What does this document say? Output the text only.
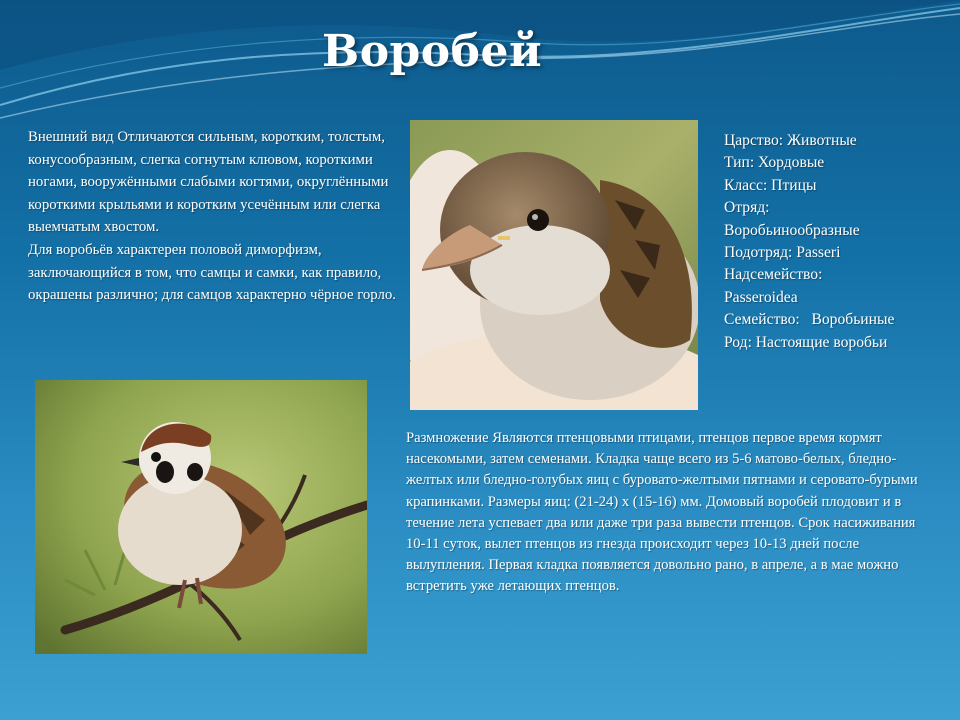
Воробей

Внешний вид Отличаются сильным, коротким, толстым, конусообразным, слегка согнутым клювом, короткими ногами, вооружёнными слабыми когтями, округлёнными короткими крыльями и коротким усечённым или слегка выемчатым хвостом.

Для воробьёв характерен половой диморфизм, заключающийся в том, что самцы и самки, как правило, окрашены различно; для самцов характерно чёрное горло.

Царство: Животные

Тип: Хордовые

Класс: Птицы

Отряд:

Воробьинообразные

Подотряд: Passeri

Надсемейство:

Passeroidea

Семейство:   Воробьиные

Род: Настоящие воробьи

Размножение Являются птенцовыми птицами, птенцов первое время кормят насекомыми, затем семенами. Кладка чаще всего из 5-6 матово-белых, бледно-желтых или бледно-голубых яиц с буровато-желтыми пятнами и серовато-бурыми крапинками. Размеры яиц: (21-24) х (15-16) мм. Домовый воробей плодовит и в течение лета успевает два или даже три раза вывести птенцов. Срок насиживания 10-11 суток, вылет птенцов из гнезда происходит через 10-13 дней после вылупления. Первая кладка появляется довольно рано, в апреле, а в мае можно встретить уже летающих птенцов.
